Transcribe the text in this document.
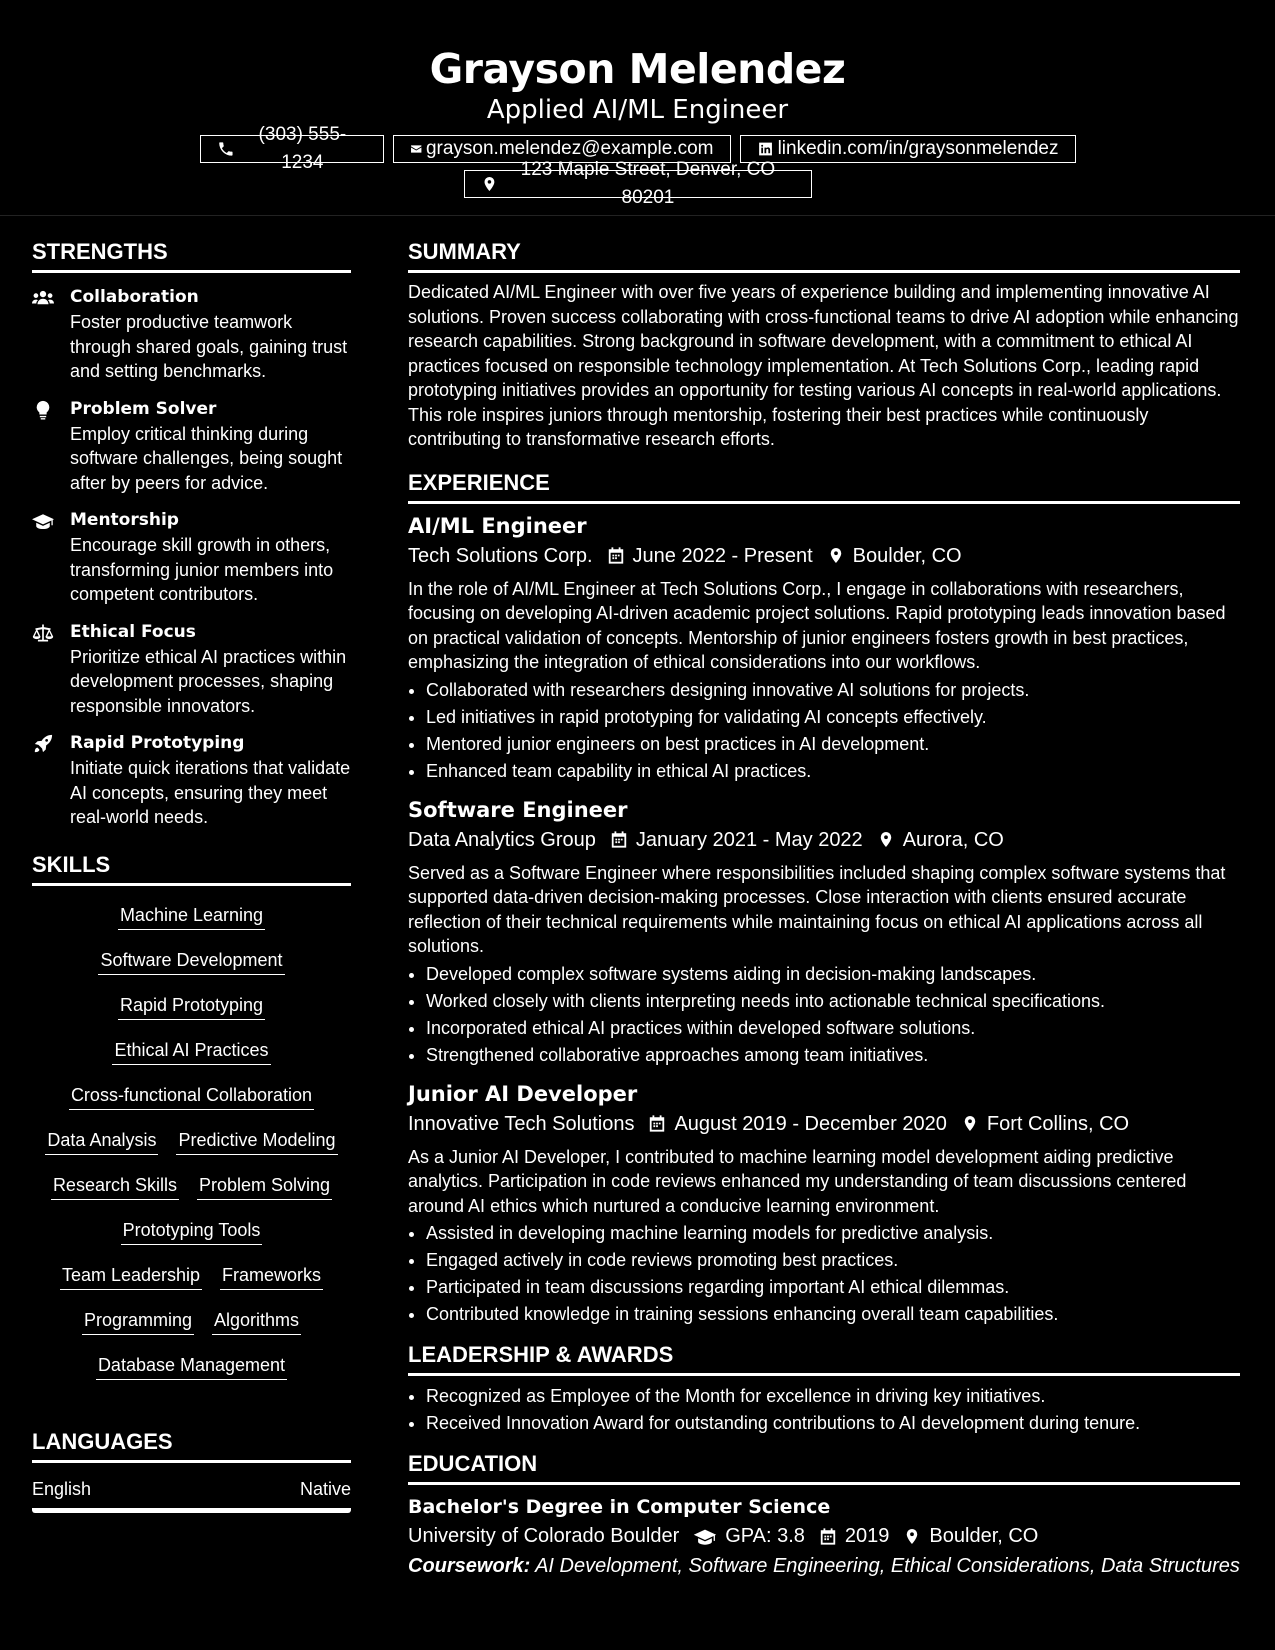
Grayson Melendez
Applied AI/ML Engineer
(303) 555-1234
grayson.melendez@example.com	linkedin.com/in/graysonmelendez
123 Maple Street, Denver, CO 80201
STRENGTHS
Collaboration
Foster productive teamwork through shared goals, gaining trust and setting benchmarks.
Problem Solver
Employ critical thinking during software challenges, being sought after by peers for advice.
Mentorship
Encourage skill growth in others, transforming junior members into competent contributors.
Ethical Focus
Prioritize ethical AI practices within development processes, shaping responsible innovators.
Rapid Prototyping
Initiate quick iterations that validate AI concepts, ensuring they meet real-world needs.
SKILLS
Machine Learning
Software Development
Rapid Prototyping
Ethical AI Practices
Cross-functional Collaboration
Data Analysis Predictive Modeling
Research Skills Problem Solving
Prototyping Tools
Team Leadership Frameworks
Programming Algorithms
Database Management
LANGUAGES
English	Native
SUMMARY
Dedicated AI/ML Engineer with over five years of experience building and implementing innovative AI solutions. Proven success collaborating with cross-functional teams to drive AI adoption while enhancing research capabilities. Strong background in software development, with a commitment to ethical AI practices focused on responsible technology implementation. At Tech Solutions Corp., leading rapid prototyping initiatives provides an opportunity for testing various AI concepts in real-world applications. This role inspires juniors through mentorship, fostering their best practices while continuously contributing to transformative research efforts.
EXPERIENCE
AI/ML Engineer
Tech Solutions Corp. June 2022 - Present Boulder, CO
In the role of AI/ML Engineer at Tech Solutions Corp., I engage in collaborations with researchers, focusing on developing AI-driven academic project solutions. Rapid prototyping leads innovation based on practical validation of concepts. Mentorship of junior engineers fosters growth in best practices, emphasizing the integration of ethical considerations into our workflows.
• Collaborated with researchers designing innovative AI solutions for projects.
• Led initiatives in rapid prototyping for validating AI concepts effectively.
• Mentored junior engineers on best practices in AI development.
• Enhanced team capability in ethical AI practices.
Software Engineer
Data Analytics Group January 2021 - May 2022 Aurora, CO
Served as a Software Engineer where responsibilities included shaping complex software systems that supported data-driven decision-making processes. Close interaction with clients ensured accurate reflection of their technical requirements while maintaining focus on ethical AI applications across all solutions.
• Developed complex software systems aiding in decision-making landscapes.
• Worked closely with clients interpreting needs into actionable technical specifications.
• Incorporated ethical AI practices within developed software solutions.
• Strengthened collaborative approaches among team initiatives.
Junior AI Developer
Innovative Tech Solutions August 2019 - December 2020 Fort Collins, CO
As a Junior AI Developer, I contributed to machine learning model development aiding predictive analytics. Participation in code reviews enhanced my understanding of team discussions centered around AI ethics which nurtured a conducive learning environment.
• Assisted in developing machine learning models for predictive analysis.
• Engaged actively in code reviews promoting best practices.
• Participated in team discussions regarding important AI ethical dilemmas.
• Contributed knowledge in training sessions enhancing overall team capabilities.
LEADERSHIP & AWARDS
• Recognized as Employee of the Month for excellence in driving key initiatives.
• Received Innovation Award for outstanding contributions to AI development during tenure.
EDUCATION
Bachelor's Degree in Computer Science
University of Colorado Boulder GPA: 3.8 2019 Boulder, CO
Coursework: AI Development, Software Engineering, Ethical Considerations, Data Structures
